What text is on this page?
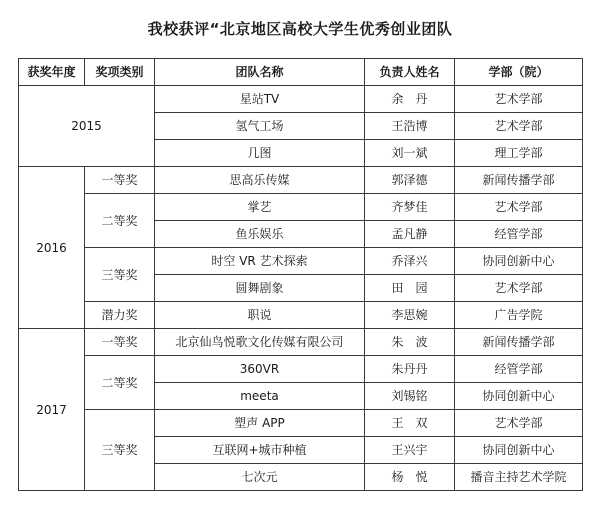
我校获评“北京地区高校大学生优秀创业团队
获奖年度	奖项类别	团队名称	负责人姓名	学部（院）
2015		星站TV	余　丹	艺术学部
		氢气工场	王浩博	艺术学部
		几图	刘一斌	理工学部
2016	一等奖	思高乐传媒	郭泽德	新闻传播学部
	二等奖	掌艺	齐梦佳	艺术学部
		鱼乐娱乐	孟凡静	经管学部
	三等奖	时空 VR 艺术探索	乔泽兴	协同创新中心
		圆舞剧象	田　园	艺术学部
	潜力奖	职说	李思婉	广告学院
2017	一等奖	北京仙鸟悦歌文化传媒有限公司	朱　波	新闻传播学部
	二等奖	360VR	朱丹丹	经管学部
		meeta	刘锡铭	协同创新中心
	三等奖	塑声 APP	王　双	艺术学部
		互联网+城市种植	王兴宇	协同创新中心
		七次元	杨　悦	播音主持艺术学院
